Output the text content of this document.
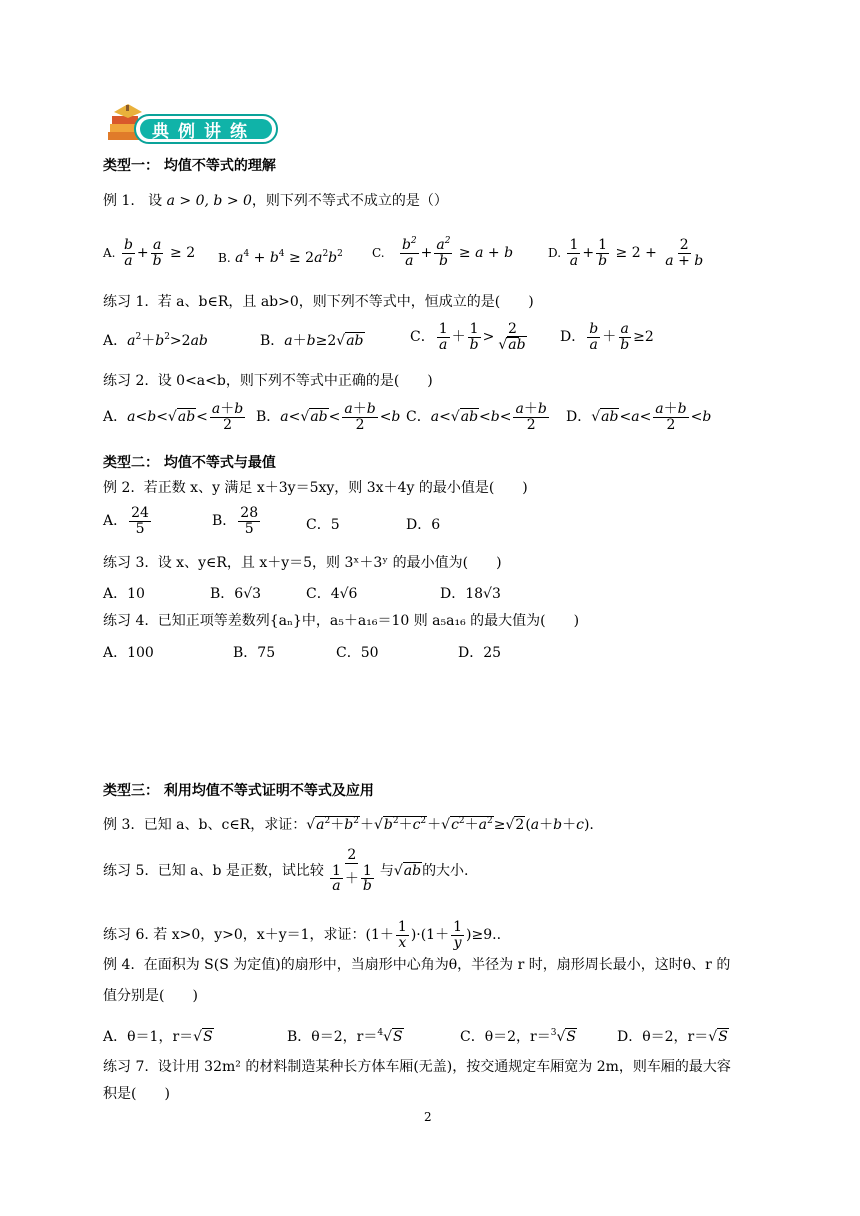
典例讲练
类型一： 均值不等式的理解
例 1. 设 a > 0, b > 0，则下列不等式不成立的是（）
A. $\frac{b}{a} + \frac{a}{b} \ge 2$ B. $a^4 + b^4 \ge 2a^2b^2$ C. $\frac{b^2}{a} + \frac{a^2}{b} \ge a + b$	D. $\frac{1}{a} + \frac{1}{b} \ge 2 + \frac{2}{a + b}$
练习 1. 若 a、b∈R，且 ab>0，则下列不等式中，恒成立的是(　　)
A．$a^2+b^2>2ab$	B．a＋b≥2√ab	C． $\frac{1}{a} + \frac{1}{b} > \frac{2}{√ab}$ D． $\frac{b}{a} + \frac{a}{b} \ge 2$
练习 2. 设 0<a<b，则下列不等式中正确的是(　　)
A．$a<b<√ab< \frac{a+b}{2}$ B．$a<√ab< \frac{a+b}{2} <b$ C．$a<√ab<b< \frac{a+b}{2}$ D．$√ab<a< \frac{a+b}{2} <b$
类型二： 均值不等式与最值
例 2. 若正数 x、y 满足 x＋3y＝5xy，则 3x＋4y 的最小值是(　　)
A． $\frac{24}{5}$	B． $\frac{28}{5}$	C．5	D．6
练习 3. 设 x、y∈R，且 x＋y＝5，则 3ˣ＋3ʸ 的最小值为(　　)
A．10	B．6√3	C．4√6	D．18√3
练习 4. 已知正项等差数列{aₙ}中，a₅＋a₁₆＝10 则 a₅a₁₆ 的最大值为(　　)
A．100	B．75	C．50	D．25
类型三： 利用均值不等式证明不等式及应用
例 3. 已知 a、b、c∈R，求证：$√a^2+b^2+√b^2+c^2+√c^2+a^2\ge√2(a+b+c)$.
练习 5. 已知 a、b 是正数，试比较 $\frac{2}{\frac{1}{a} + \frac{1}{b}}$ 与√ab的大小.
练习 6. 若 x>0，y>0，x＋y＝1，求证：$(1+ \frac{1}{x} )\cdot(1+ \frac{1}{y} )\ge 9$..
例 4. 在面积为 S(S 为定值)的扇形中，当扇形中心角为θ，半径为 r 时，扇形周长最小，这时θ、r 的
值分别是(　　)
A．θ＝1，r＝√S	B．θ＝2，r＝$^4$√S	C．θ＝2，r＝$^3$√S	D．θ＝2，r＝√S
练习 7. 设计用 32m² 的材料制造某种长方体车厢(无盖)，按交通规定车厢宽为 2m，则车厢的最大容
积是(　　)
2
